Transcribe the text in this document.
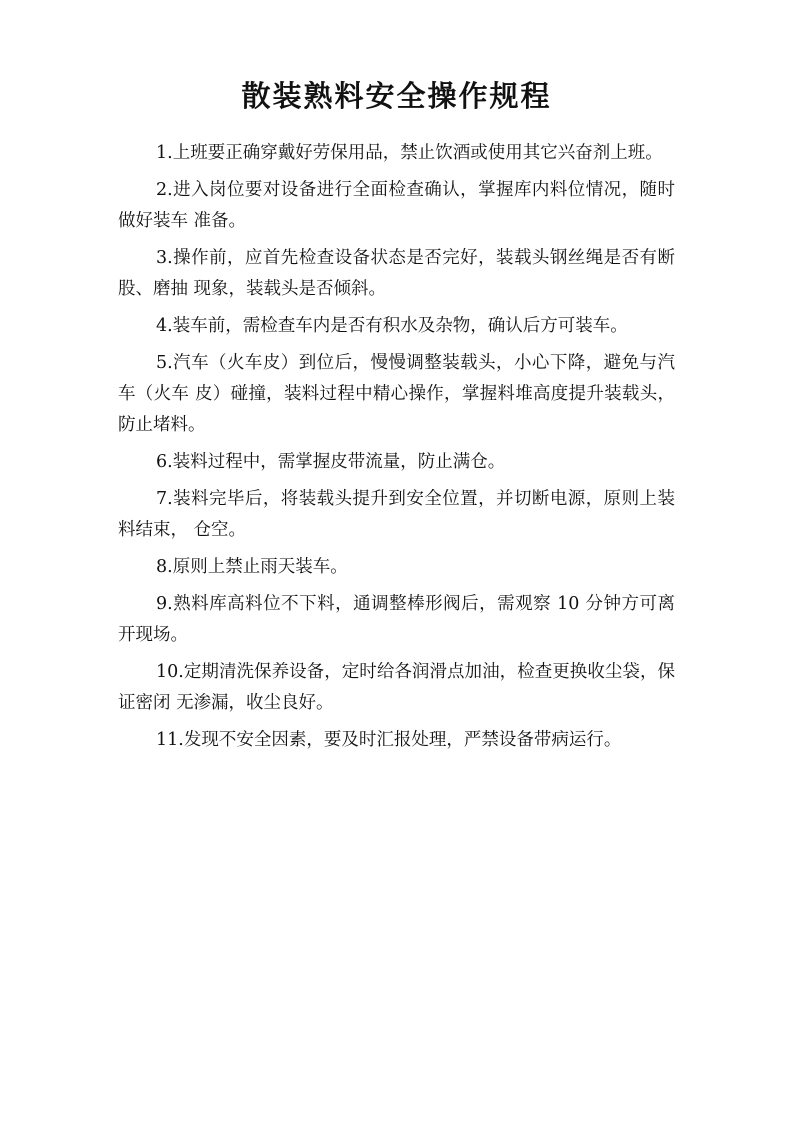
散装熟料安全操作规程
1.上班要正确穿戴好劳保用品，禁止饮酒或使用其它兴奋剂上班。
2.进入岗位要对设备进行全面检查确认，掌握库内料位情况，随时做好装车 准备。
3.操作前，应首先检查设备状态是否完好，装载头钢丝绳是否有断股、磨抽 现象，装载头是否倾斜。
4.装车前，需检查车内是否有积水及杂物，确认后方可装车。
5.汽车（火车皮）到位后，慢慢调整装载头，小心下降，避免与汽车（火车 皮）碰撞，装料过程中精心操作，掌握料堆高度提升装载头，防止堵料。
6.装料过程中，需掌握皮带流量，防止满仓。
7.装料完毕后，将装载头提升到安全位置，并切断电源，原则上装料结束， 仓空。
8.原则上禁止雨天装车。
9.熟料库高料位不下料，通调整棒形阀后，需观察 10 分钟方可离开现场。
10.定期清洗保养设备，定时给各润滑点加油，检查更换收尘袋，保证密闭 无渗漏，收尘良好。
11.发现不安全因素，要及时汇报处理，严禁设备带病运行。
